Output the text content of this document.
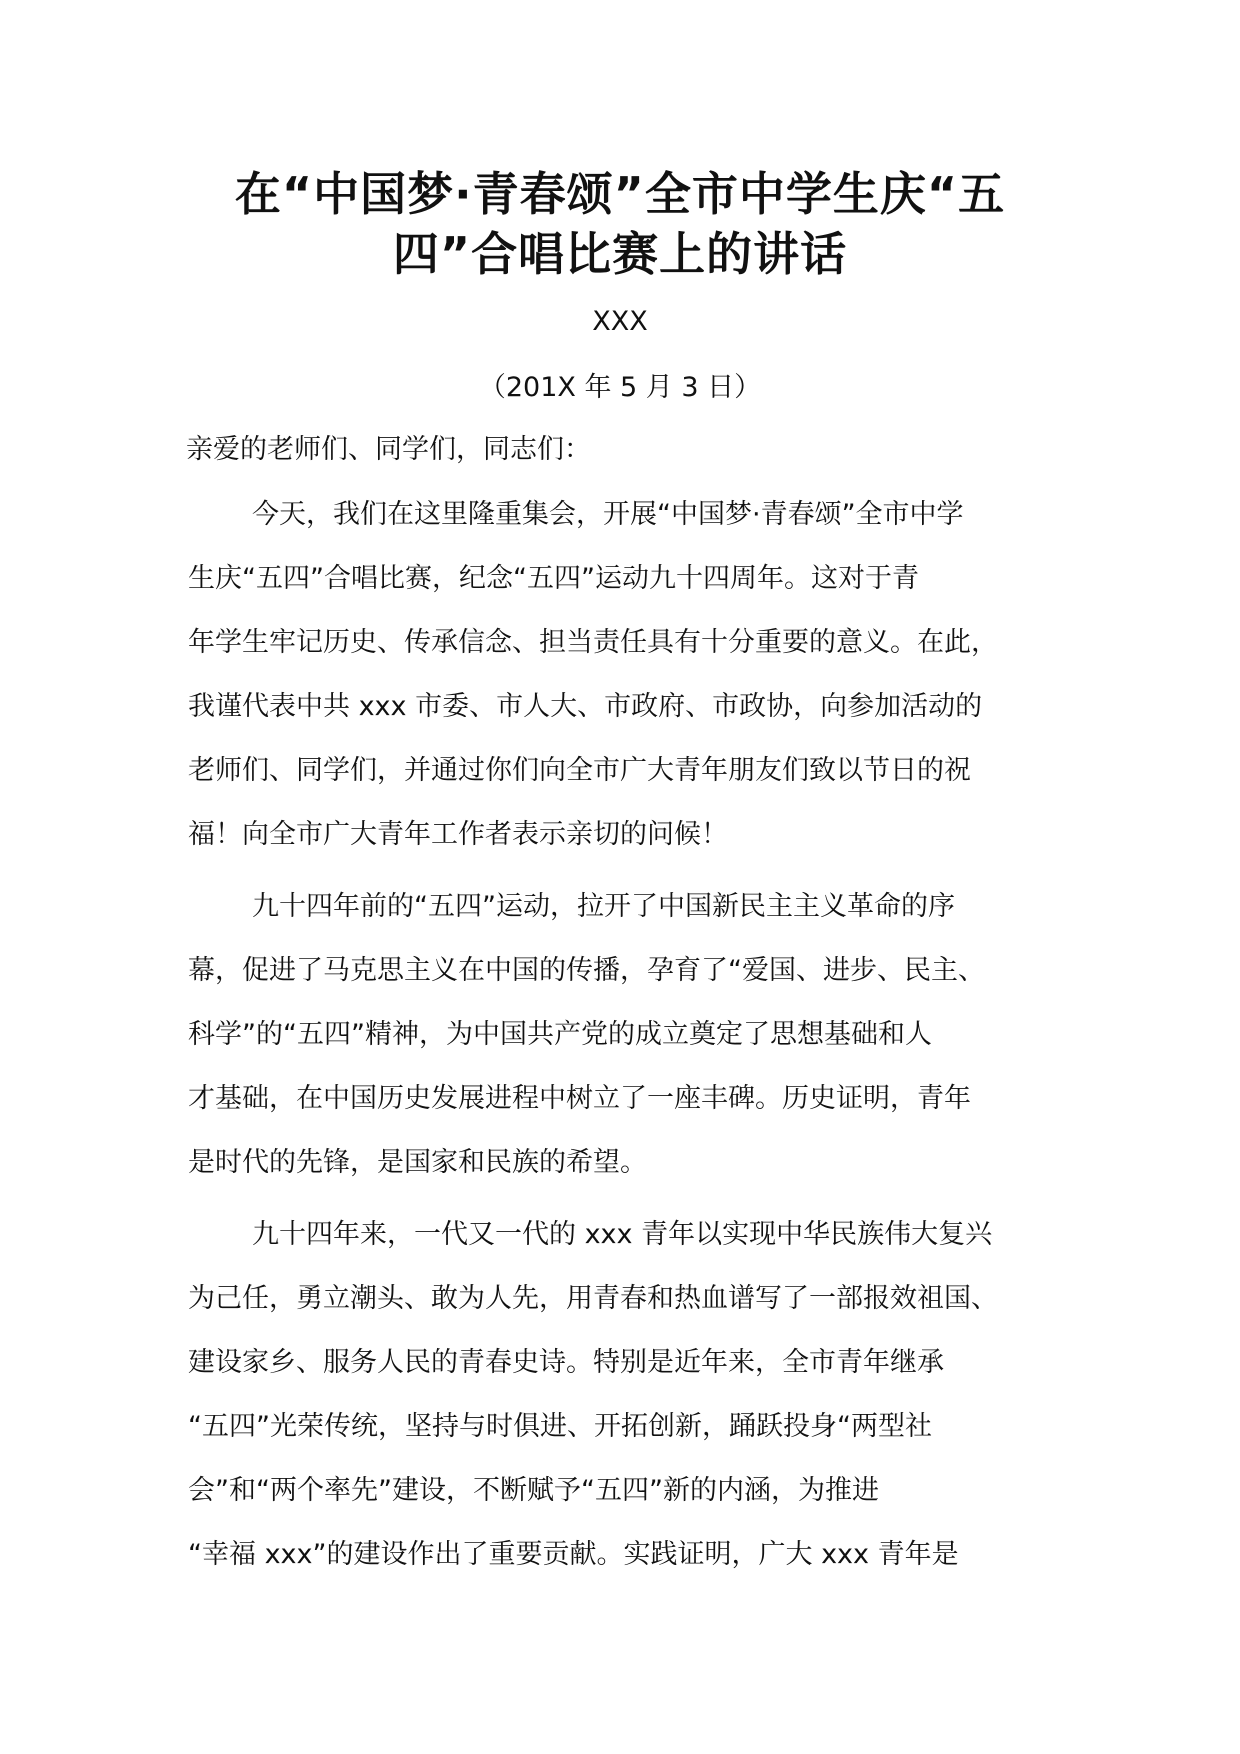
在“中国梦·青春颂”全市中学生庆“五
四”合唱比赛上的讲话
XXX
（201X 年 5 月 3 日）
亲爱的老师们、同学们，同志们：
今天，我们在这里隆重集会，开展“中国梦·青春颂”全市中学
生庆“五四”合唱比赛，纪念“五四”运动九十四周年。这对于青
年学生牢记历史、传承信念、担当责任具有十分重要的意义。在此，
我谨代表中共 xxx 市委、市人大、市政府、市政协，向参加活动的
老师们、同学们，并通过你们向全市广大青年朋友们致以节日的祝
福！向全市广大青年工作者表示亲切的问候！
九十四年前的“五四”运动，拉开了中国新民主主义革命的序
幕，促进了马克思主义在中国的传播，孕育了“爱国、进步、民主、
科学”的“五四”精神，为中国共产党的成立奠定了思想基础和人
才基础，在中国历史发展进程中树立了一座丰碑。历史证明，青年
是时代的先锋，是国家和民族的希望。
九十四年来，一代又一代的 xxx 青年以实现中华民族伟大复兴
为己任，勇立潮头、敢为人先，用青春和热血谱写了一部报效祖国、
建设家乡、服务人民的青春史诗。特别是近年来，全市青年继承
“五四”光荣传统，坚持与时俱进、开拓创新，踊跃投身“两型社
会”和“两个率先”建设，不断赋予“五四”新的内涵，为推进
“幸福 xxx”的建设作出了重要贡献。实践证明，广大 xxx 青年是
